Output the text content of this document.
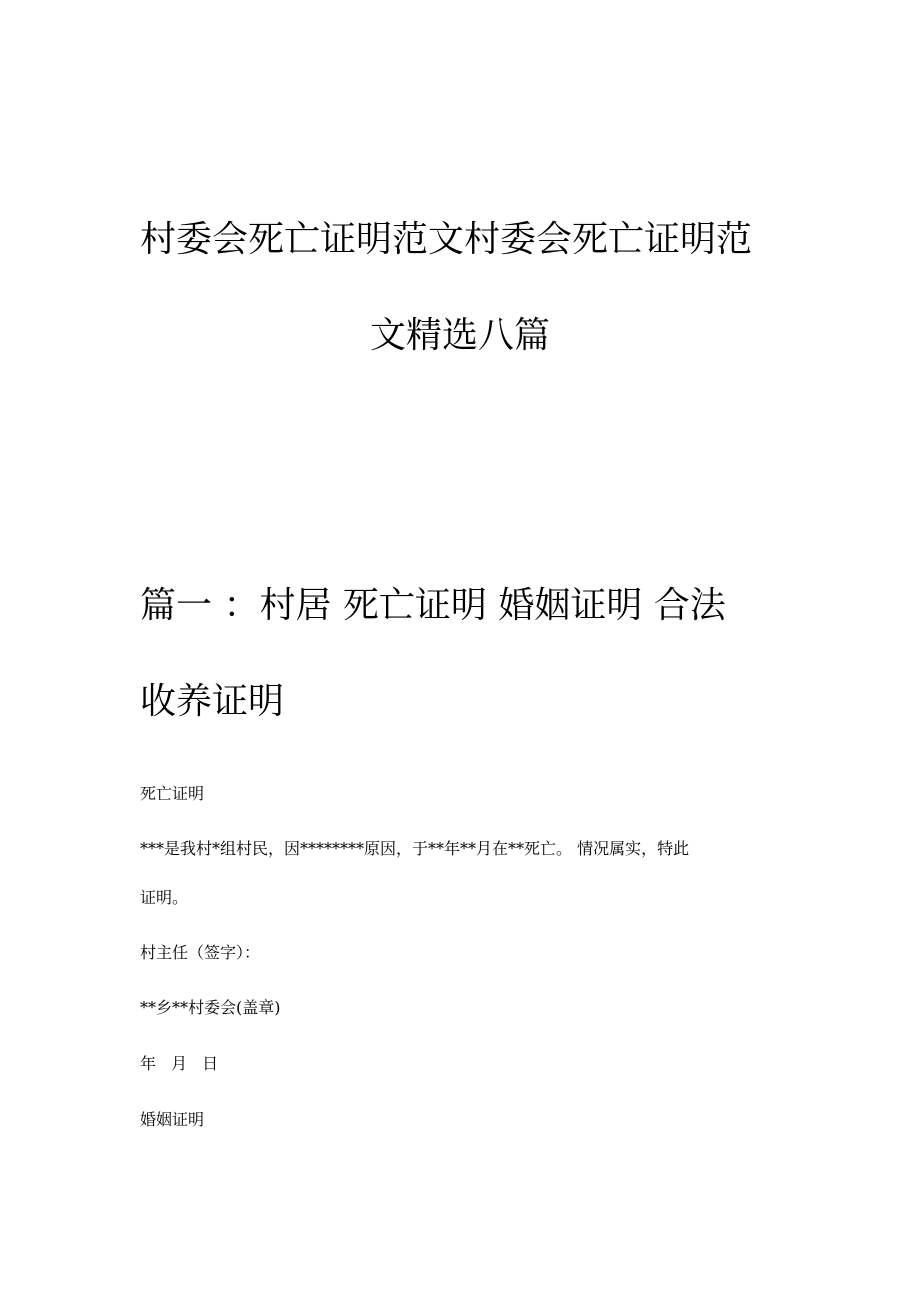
村委会死亡证明范文村委会死亡证明范
文精选八篇
篇一 ：村居 死亡证明 婚姻证明 合法
收养证明

死亡证明

***是我村*组村民，因********原因，于**年**月在**死亡。 情况属实，特此

证明。

村主任（签字）：

**乡**村委会(盖章)

年 月 日

婚姻证明
